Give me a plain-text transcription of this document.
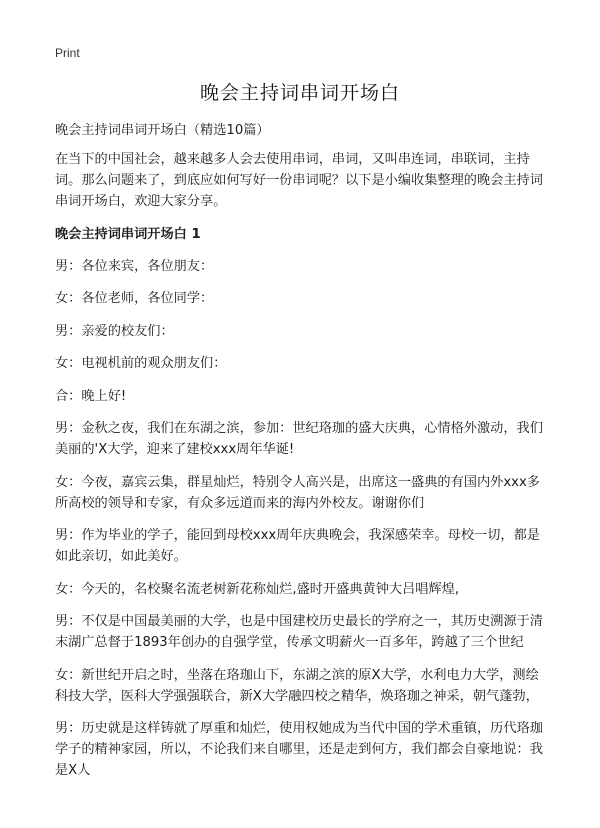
Print
晚会主持词串词开场白

晚会主持词串词开场白（精选10篇）

在当下的中国社会，越来越多人会去使用串词，串词，又叫串连词，串联词，主持词。那么问题来了，到底应如何写好一份串词呢？以下是小编收集整理的晚会主持词串词开场白，欢迎大家分享。

晚会主持词串词开场白 1

男：各位来宾，各位朋友：

女：各位老师，各位同学：

男：亲爱的校友们：

女：电视机前的观众朋友们：

合：晚上好!

男：金秋之夜，我们在东湖之滨，参加：世纪珞珈的盛大庆典，心情格外激动，我们美丽的'X大学，迎来了建校xxx周年华诞!

女：今夜，嘉宾云集，群星灿烂，特别令人高兴是，出席这一盛典的有国内外xxx多所高校的领导和专家，有众多远道而来的海内外校友。谢谢你们

男：作为毕业的学子，能回到母校xxx周年庆典晚会，我深感荣幸。母校一切，都是如此亲切，如此美好。

女：今天的，名校聚名流老树新花称灿烂,盛时开盛典黄钟大吕唱辉煌,

男：不仅是中国最美丽的大学，也是中国建校历史最长的学府之一，其历史溯源于清末湖广总督于1893年创办的自强学堂，传承文明薪火一百多年，跨越了三个世纪

女：新世纪开启之时，坐落在珞珈山下，东湖之滨的原X大学，水利电力大学，测绘科技大学，医科大学强强联合，新X大学融四校之精华，焕珞珈之神采，朝气蓬勃，

男：历史就是这样铸就了厚重和灿烂，使用权她成为当代中国的学术重镇，历代珞珈学子的精神家园，所以，不论我们来自哪里，还是走到何方，我们都会自豪地说：我是X人
